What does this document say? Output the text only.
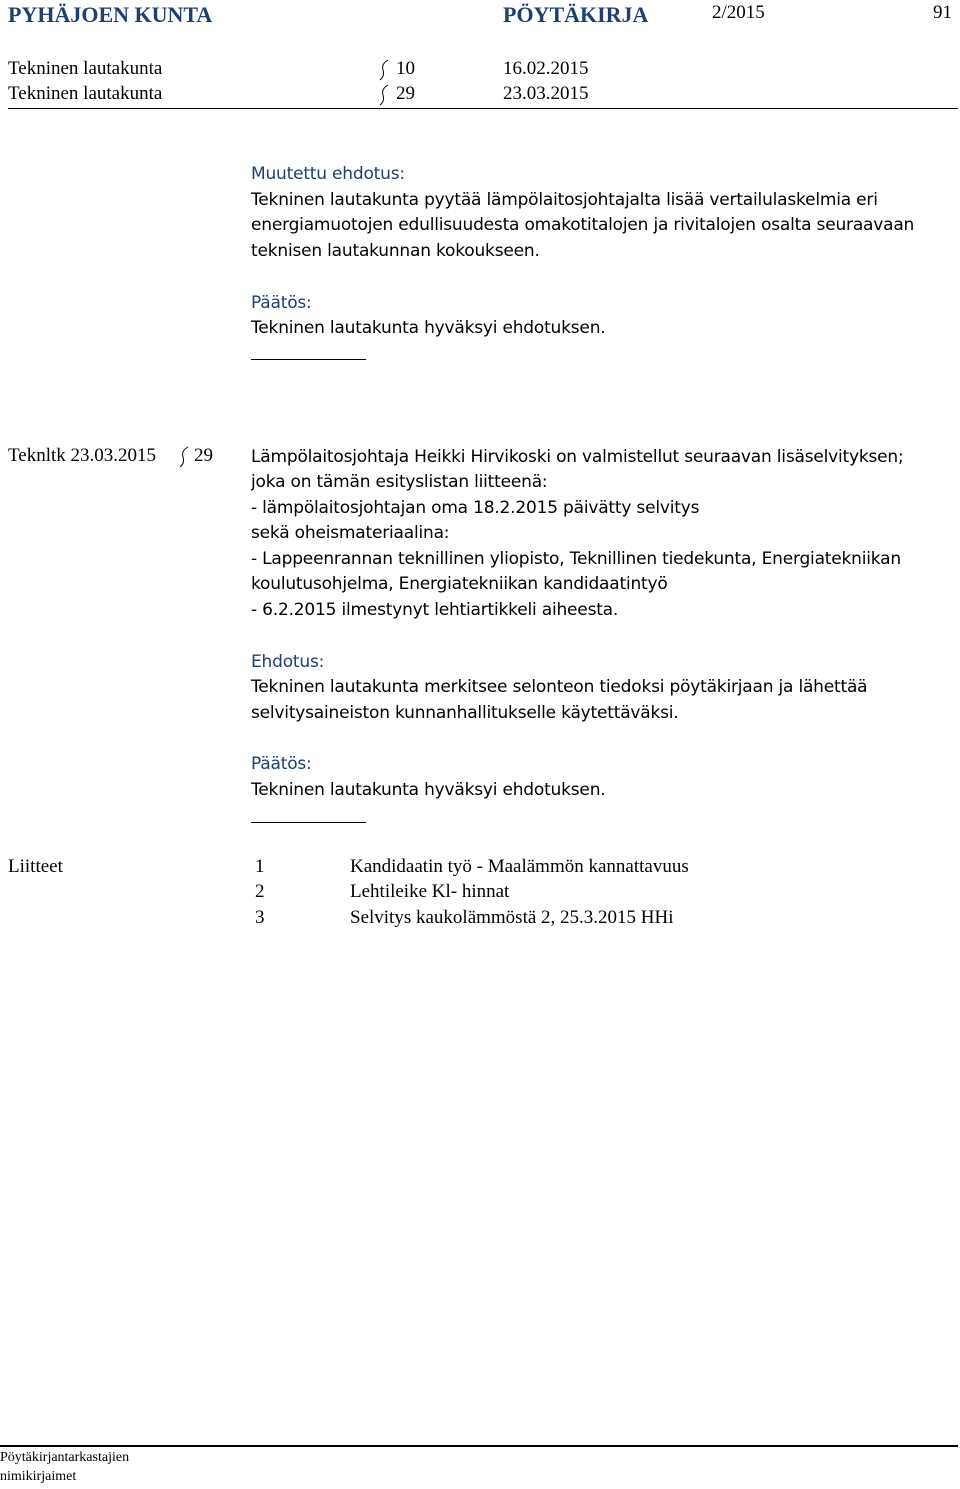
PYHÄJOEN KUNTA	PÖYTÄKIRJA	2/2015	91
Tekninen lautakunta	10	16.02.2015
Tekninen lautakunta	29	23.03.2015
Muutettu ehdotus:
Tekninen lautakunta pyytää lämpölaitosjohtajalta lisää vertailulaskelmia eri
energiamuotojen edullisuudesta omakotitalojen ja rivitalojen osalta seuraavaan
teknisen lautakunnan kokoukseen.
Päätös:
Tekninen lautakunta hyväksyi ehdotuksen.
Teknltk 23.03.2015 29 Lämpölaitosjohtaja Heikki Hirvikoski on valmistellut seuraavan lisäselvityksen;
joka on tämän esityslistan liitteenä:
- lämpölaitosjohtajan oma 18.2.2015 päivätty selvitys
sekä oheismateriaalina:
- Lappeenrannan teknillinen yliopisto, Teknillinen tiedekunta, Energiatekniikan
koulutusohjelma, Energiatekniikan kandidaatintyö
- 6.2.2015 ilmestynyt lehtiartikkeli aiheesta.
Ehdotus:
Tekninen lautakunta merkitsee selonteon tiedoksi pöytäkirjaan ja lähettää
selvitysaineiston kunnanhallitukselle käytettäväksi.
Päätös:
Tekninen lautakunta hyväksyi ehdotuksen.
Liitteet	1	Kandidaatin työ - Maalämmön kannattavuus
2	Lehtileike Kl- hinnat
3	Selvitys kaukolämmöstä 2, 25.3.2015 HHi
Pöytäkirjantarkastajien
nimikirjaimet
